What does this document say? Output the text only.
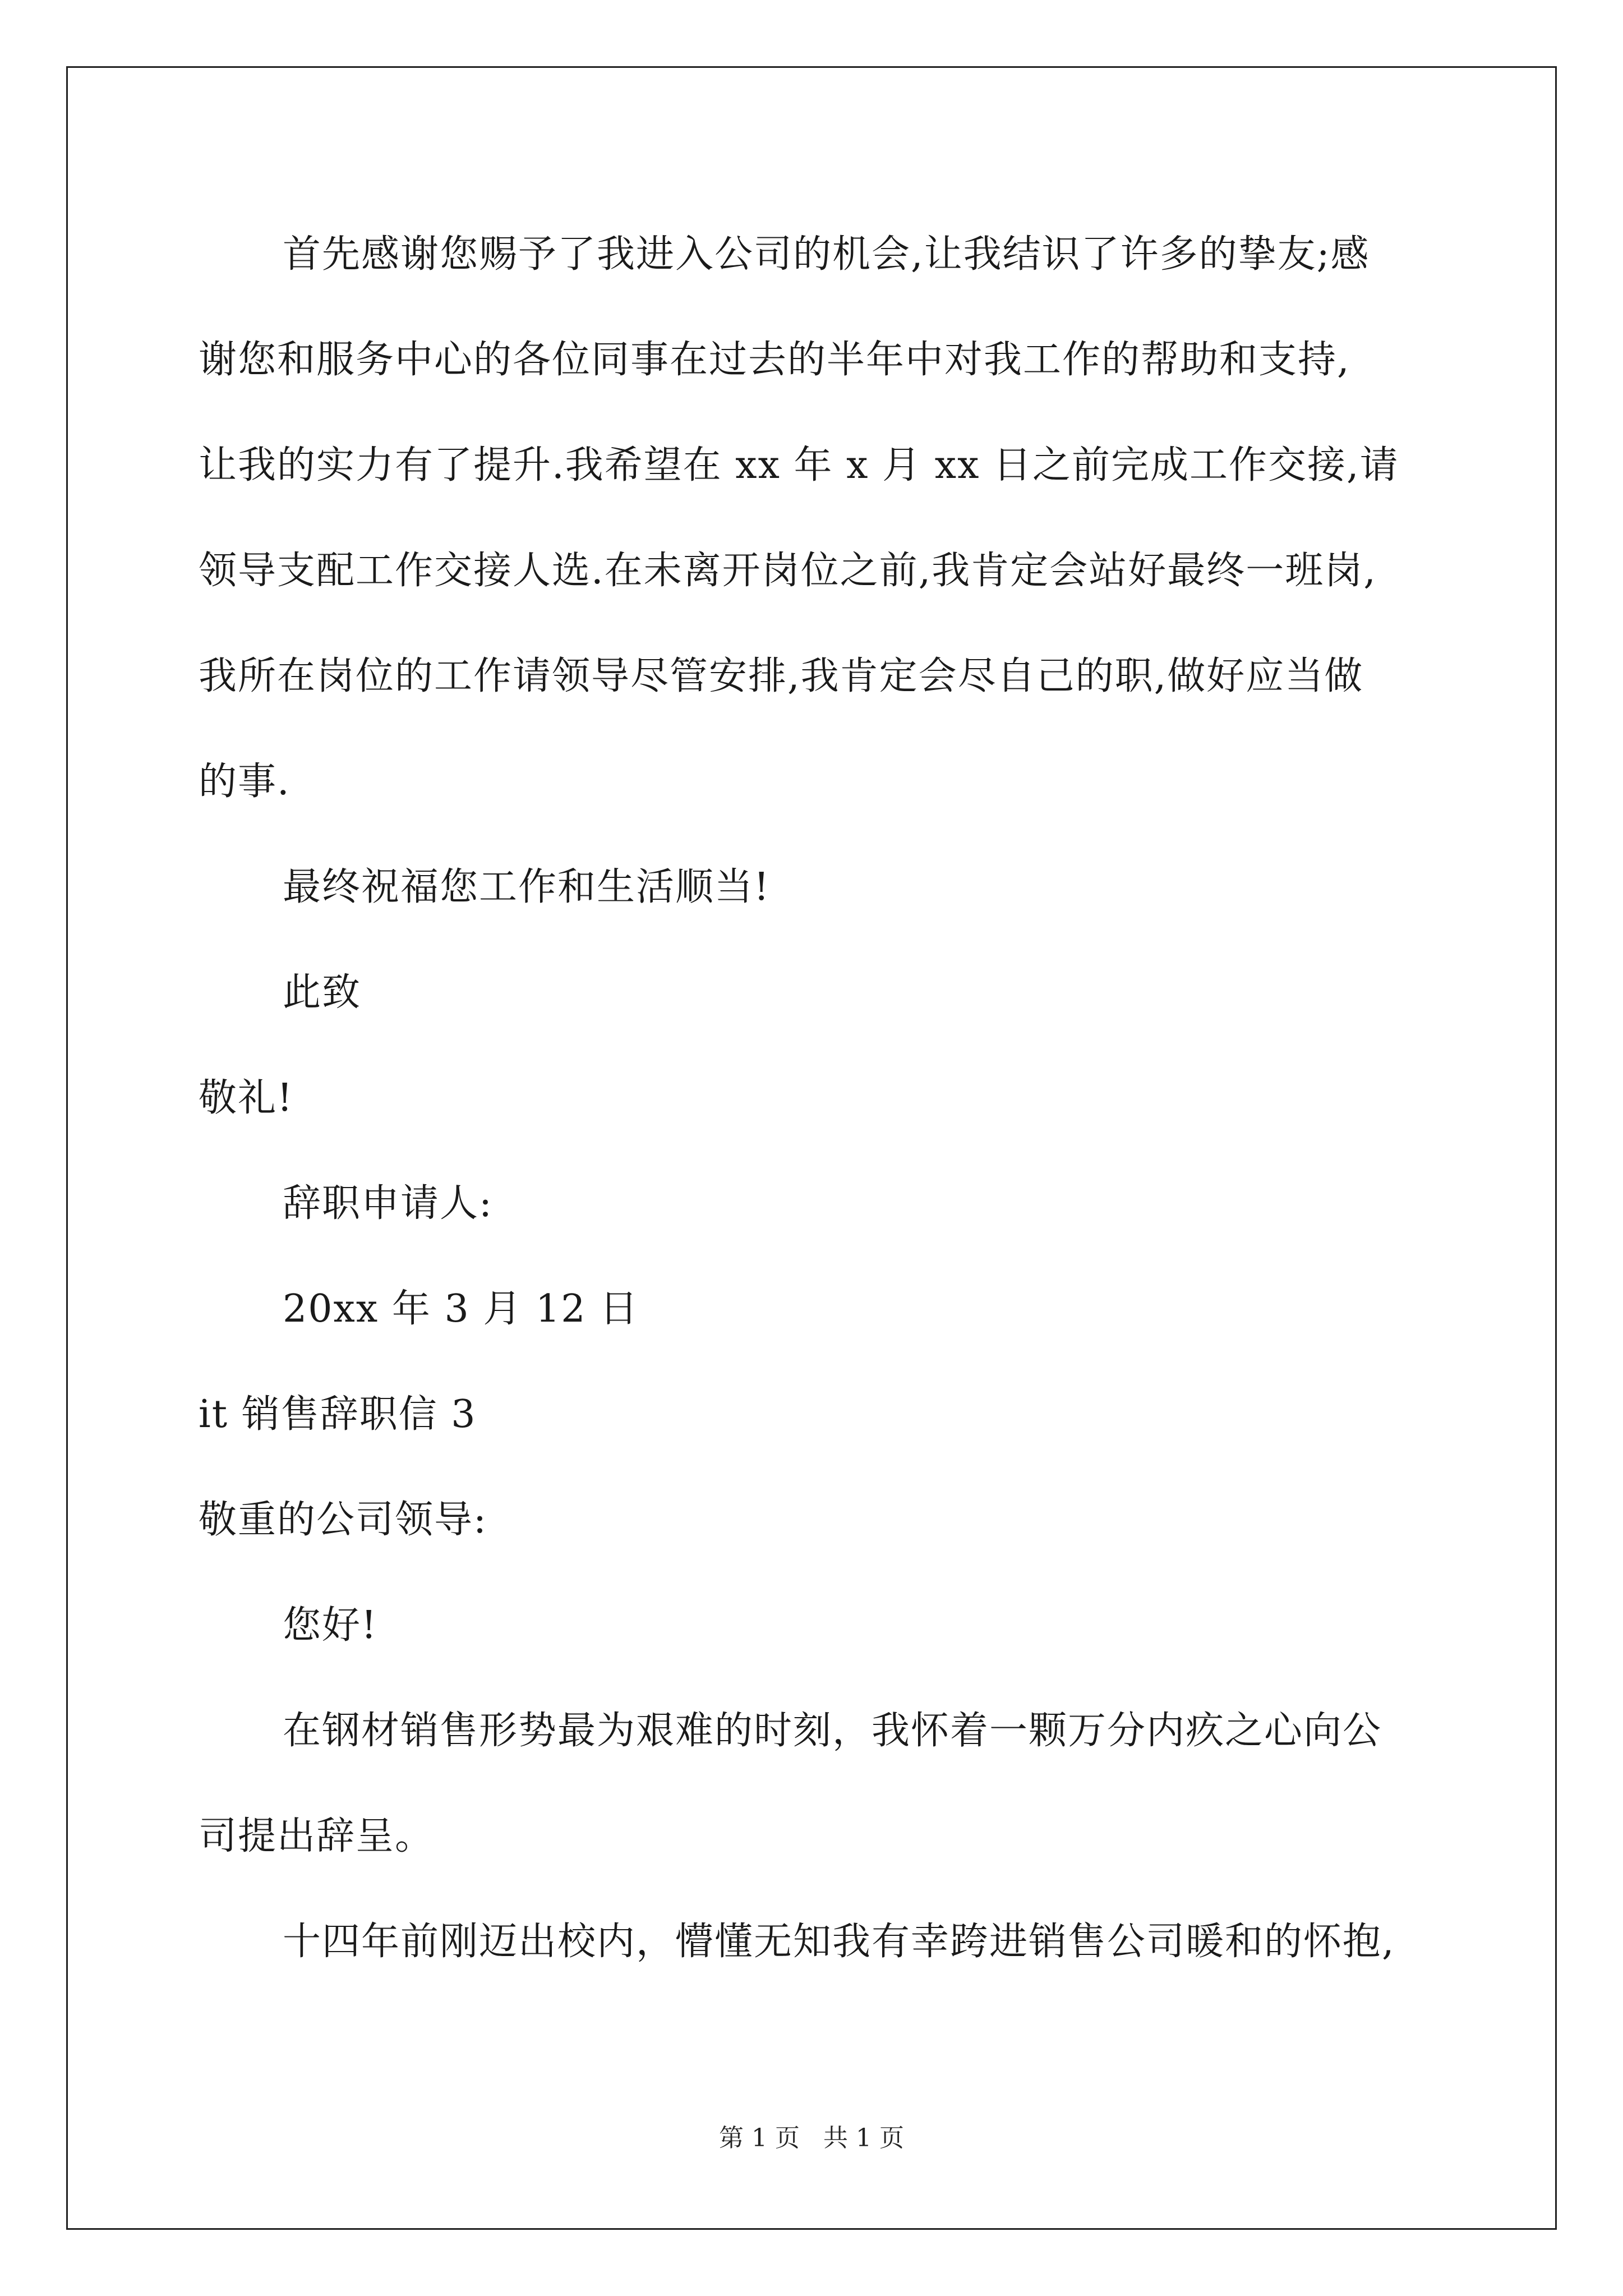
首先感谢您赐予了我进入公司的机会,让我结识了许多的挚友;感
谢您和服务中心的各位同事在过去的半年中对我工作的帮助和支持,
让我的实力有了提升.我希望在 xx 年 x 月 xx 日之前完成工作交接,请
领导支配工作交接人选.在未离开岗位之前,我肯定会站好最终一班岗,
我所在岗位的工作请领导尽管安排,我肯定会尽自己的职,做好应当做
的事.
最终祝福您工作和生活顺当!
此致
敬礼!
辞职申请人:
20xx 年 3 月 12 日
it 销售辞职信 3
敬重的公司领导:
您好!
在钢材销售形势最为艰难的时刻，我怀着一颗万分内疚之心向公
司提出辞呈。
十四年前刚迈出校内，懵懂无知我有幸跨进销售公司暖和的怀抱,
第 1 页 共 1 页
